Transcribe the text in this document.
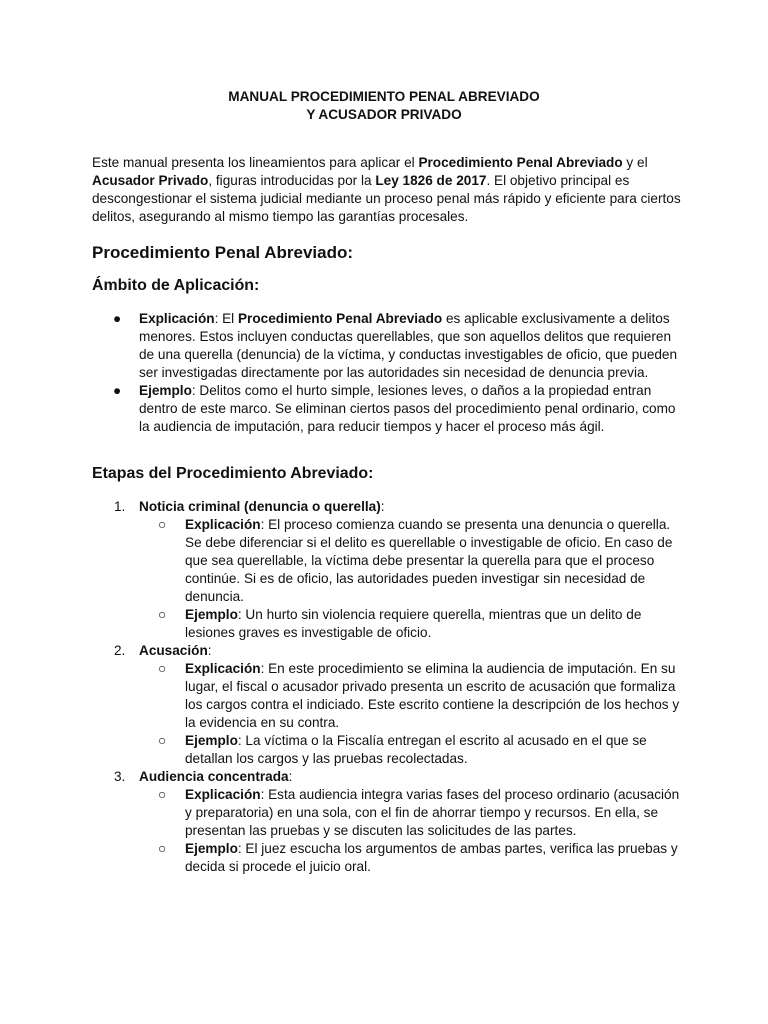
MANUAL PROCEDIMIENTO PENAL ABREVIADO
Y ACUSADOR PRIVADO

Este manual presenta los lineamientos para aplicar el Procedimiento Penal Abreviado y el Acusador Privado, figuras introducidas por la Ley 1826 de 2017. El objetivo principal es descongestionar el sistema judicial mediante un proceso penal más rápido y eficiente para ciertos delitos, asegurando al mismo tiempo las garantías procesales.

Procedimiento Penal Abreviado:
Ámbito de Aplicación:

● Explicación: El Procedimiento Penal Abreviado es aplicable exclusivamente a delitos menores. Estos incluyen conductas querellables, que son aquellos delitos que requieren de una querella (denuncia) de la víctima, y conductas investigables de oficio, que pueden ser investigadas directamente por las autoridades sin necesidad de denuncia previa.

● Ejemplo: Delitos como el hurto simple, lesiones leves, o daños a la propiedad entran dentro de este marco. Se eliminan ciertos pasos del procedimiento penal ordinario, como la audiencia de imputación, para reducir tiempos y hacer el proceso más ágil.

Etapas del Procedimiento Abreviado:

1. Noticia criminal (denuncia o querella):

○ Explicación: El proceso comienza cuando se presenta una denuncia o querella. Se debe diferenciar si el delito es querellable o investigable de oficio. En caso de que sea querellable, la víctima debe presentar la querella para que el proceso continúe. Si es de oficio, las autoridades pueden investigar sin necesidad de denuncia.

○ Ejemplo: Un hurto sin violencia requiere querella, mientras que un delito de lesiones graves es investigable de oficio.

2. Acusación:

○ Explicación: En este procedimiento se elimina la audiencia de imputación. En su lugar, el fiscal o acusador privado presenta un escrito de acusación que formaliza los cargos contra el indiciado. Este escrito contiene la descripción de los hechos y la evidencia en su contra.

○ Ejemplo: La víctima o la Fiscalía entregan el escrito al acusado en el que se detallan los cargos y las pruebas recolectadas.

3. Audiencia concentrada:

○ Explicación: Esta audiencia integra varias fases del proceso ordinario (acusación y preparatoria) en una sola, con el fin de ahorrar tiempo y recursos. En ella, se presentan las pruebas y se discuten las solicitudes de las partes.

○ Ejemplo: El juez escucha los argumentos de ambas partes, verifica las pruebas y decida si procede el juicio oral.
